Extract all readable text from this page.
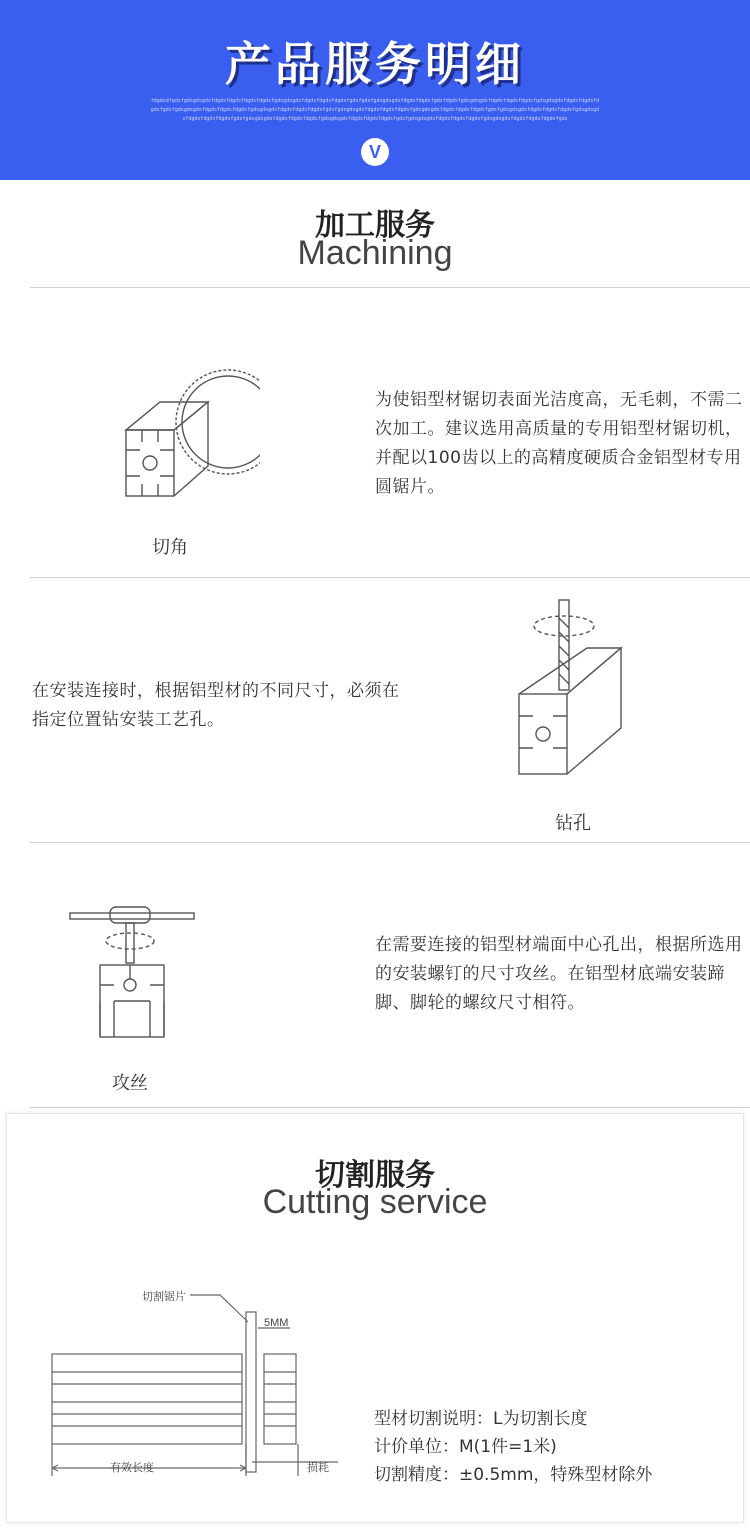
产品服务明细
fdgdsdfgdsfgdsgdsgdsfdgdsfdgdsfdgdsfdgdsfgdsgdsgdsfdgdsfdgdsfdgdsfgdsfgdsfgdsgdsgdsfdgdsfdgdsfgdsfdgdsfgdsgdsgdsfdgdsfdgdsfdgdsfgdsgdsgdsfdgdsfdgdsfdgdsfgdsfgdsgdsgdsfdgdsfdgdsfdgdsfgdsgdsgdsfdgdsfdgdsfdgdsfgdsfgdsgdsgdsfdgdsfdgdsfdgdsfgdsgdsgdsfdgdsfdgdsfdgdsfgdsfgdsgdsgdsfdgdsfdgdsfdgdsfgdsgdsgdsfdgdsfdgdsfdgdsfgdsfgdsgdsgdsfdgdsfdgdsfdgdsfgdsgdsgdsfdgdsfdgdsfdgdsfgdsfgdsgdsgdsfdgdsfdgdsfdgdsfgdsgdsgdsfdgdsfdgdsfdgdsfgds
V
加工服务
Machining
切角
为使铝型材锯切表面光洁度高，无毛刺，不需二次加工。建议选用高质量的专用铝型材锯切机，并配以100齿以上的高精度硬质合金铝型材专用圆锯片。
在安装连接时，根据铝型材的不同尺寸，必须在指定位置钻安装工艺孔。
钻孔
攻丝
在需要连接的铝型材端面中心孔出，根据所选用的安装螺钉的尺寸攻丝。在铝型材底端安装蹄脚、脚轮的螺纹尺寸相符。
切割服务
Cutting service
切割锯片
5MM
有效长度	损耗
型材切割说明：L为切割长度
计价单位：M(1件=1米)
切割精度：±0.5mm，特殊型材除外
